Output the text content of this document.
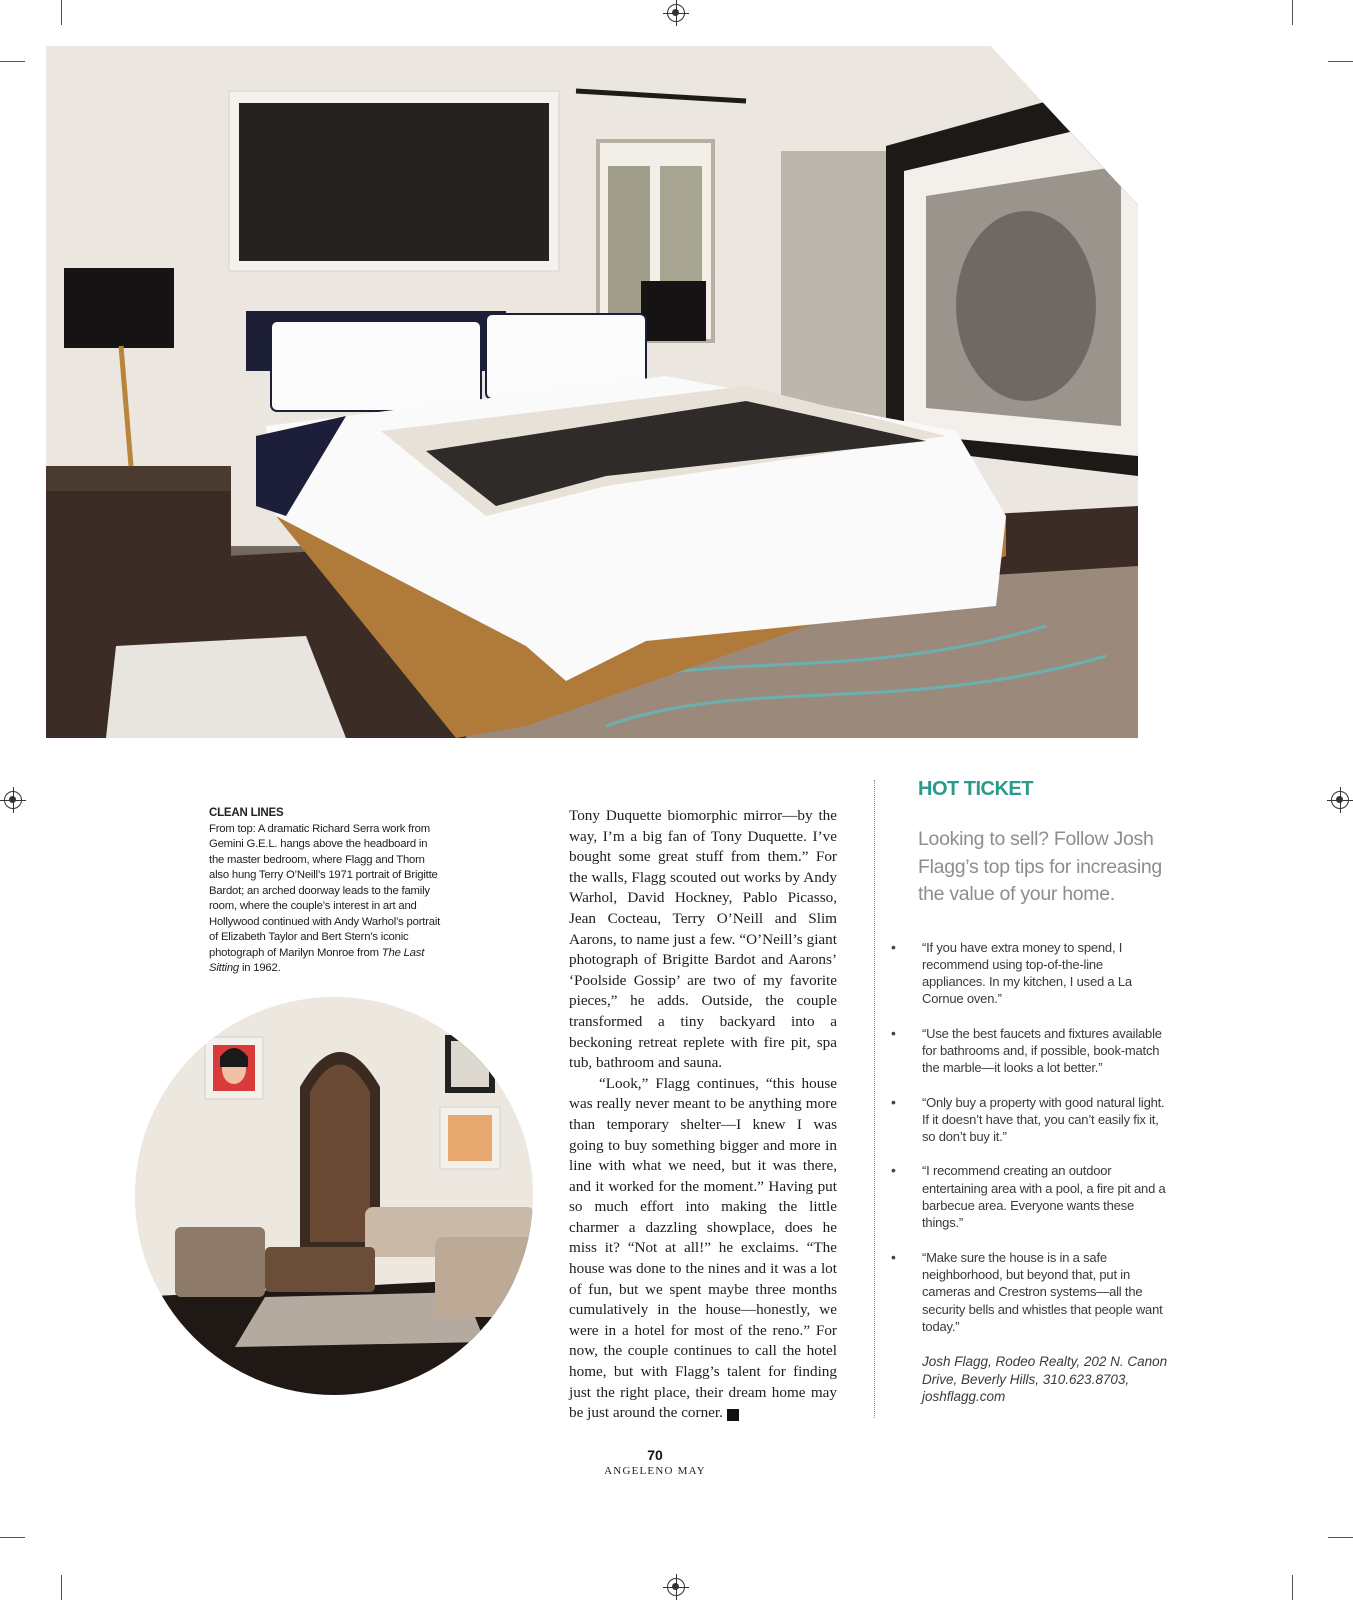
CLEAN LINES
From top: A dramatic Richard Serra work from Gemini G.E.L. hangs above the headboard in the master bedroom, where Flagg and Thorn also hung Terry O’Neill’s 1971 portrait of Brigitte Bardot; an arched doorway leads to the family room, where the couple’s interest in art and Hollywood continued with Andy Warhol’s portrait of Elizabeth Taylor and Bert Stern’s iconic photograph of Marilyn Monroe from The Last Sitting in 1962.

Tony Duquette biomorphic mirror—by the way, I’m a big fan of Tony Duquette. I’ve bought some great stuff from them.” For the walls, Flagg scouted out works by Andy Warhol, David Hockney, Pablo Picasso, Jean Cocteau, Terry O’Neill and Slim Aarons, to name just a few. “O’Neill’s giant photograph of Brigitte Bardot and Aarons’ ‘Poolside Gossip’ are two of my favorite pieces,” he adds. Outside, the couple transformed a tiny backyard into a beckoning retreat replete with fire pit, spa tub, bathroom and sauna.

“Look,” Flagg continues, “this house was really never meant to be anything more than temporary shelter—I knew I was going to buy something bigger and more in line with what we need, but it was there, and it worked for the moment.” Having put so much effort into making the little charmer a dazzling showplace, does he miss it? “Not at all!” he exclaims. “The house was done to the nines and it was a lot of fun, but we spent maybe three months cumulatively in the house—honestly, we were in a hotel for most of the reno.” For now, the couple continues to call the hotel home, but with Flagg’s talent for finding just the right place, their dream home may be just around the corner.	A

HOT TICKET
Looking to sell? Follow Josh Flagg’s top tips for increasing the value of your home.
• “If you have extra money to spend, I recommend using top-of-the-line appliances. In my kitchen, I used a La Cornue oven.”
• “Use the best faucets and fixtures available for bathrooms and, if possible, book-match the marble—it looks a lot better.”
• “Only buy a property with good natural light. If it doesn’t have that, you can’t easily fix it, so don’t buy it.”
• “I recommend creating an outdoor entertaining area with a pool, a fire pit and a barbecue area. Everyone wants these things.”
• “Make sure the house is in a safe neighborhood, but beyond that, put in cameras and Crestron systems—all the security bells and whistles that people want today.”
Josh Flagg, Rodeo Realty, 202 N. Canon Drive, Beverly Hills, 310.623.8703, joshflagg.com
70
ANGELENO MAY
